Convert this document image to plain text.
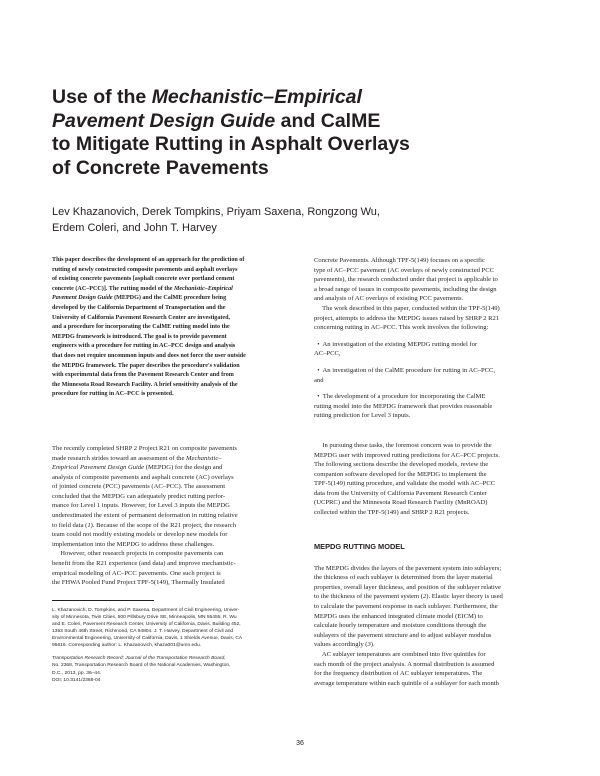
Use of the Mechanistic–Empirical
Pavement Design Guide and CalME
to Mitigate Rutting in Asphalt Overlays
of Concrete Pavements

Lev Khazanovich, Derek Tompkins, Priyam Saxena, Rongzong Wu,
Erdem Coleri, and John T. Harvey

This paper describes the development of an approach for the prediction of
rutting of newly constructed composite pavements and asphalt overlays
of existing concrete pavements [asphalt concrete over portland cement
concrete (AC–PCC)]. The rutting model of the Mechanistic–Empirical
Pavement Design Guide (MEPDG) and the CalME procedure being
developed by the California Department of Transportation and the
University of California Pavement Research Center are investigated,
and a procedure for incorporating the CalME rutting model into the
MEPDG framework is introduced. The goal is to provide pavement
engineers with a procedure for rutting in AC–PCC design and analysis
that does not require uncommon inputs and does not force the user outside
the MEPDG framework. The paper describes the procedure's validation
with experimental data from the Pavement Research Center and from
the Minnesota Road Research Facility. A brief sensitivity analysis of the
procedure for rutting in AC–PCC is presented.
The recently completed SHRP 2 Project R21 on composite pavements
made research strides toward an assessment of the Mechanistic–
Empirical Pavement Design Guide (MEPDG) for the design and
analysis of composite pavements and asphalt concrete (AC) overlays
of jointed concrete (PCC) pavements (AC–PCC). The assessment
concluded that the MEPDG can adequately predict rutting perfor-
mance for Level 1 inputs. However, for Level 3 inputs the MEPDG
underestimated the extent of permanent deformation in rutting relative
to field data (1). Because of the scope of the R21 project, the research
team could not modify existing models or develop new models for
implementation into the MEPDG to address these challenges.
However, other research projects in composite pavements can
benefit from the R21 experience (and data) and improve mechanistic-
empirical modeling of AC–PCC pavements. One such project is
the FHWA Pooled Fund Project TPF-5(149), Thermally Insulated
L. Khazanovich, D. Tompkins, and P. Saxena, Department of Civil Engineering, Univer-
sity of Minnesota, Twin Cities, 500 Pillsbury Drive SE, Minneapolis, MN 55455. R. Wu
and E. Coleri, Pavement Research Center, University of California, Davis, Building 452,
1353 South 46th Street, Richmond, CA 94804. J. T. Harvey, Department of Civil and
Environmental Engineering, University of California, Davis, 1 Shields Avenue, Davis, CA
95616. Corresponding author: L. Khazanovich, khaza001@umn.edu.
Transportation Research Record: Journal of the Transportation Research Board,
No. 2368, Transportation Research Board of the National Academies, Washington,
D.C., 2013, pp. 36–44.
DOI: 10.3141/2368-04
Concrete Pavements. Although TPF-5(149) focuses on a specific
type of AC–PCC pavement (AC overlays of newly constructed PCC
pavements), the research conducted under that project is applicable to
a broad range of issues in composite pavements, including the design
and analysis of AC overlays of existing PCC pavements.
The work described in this paper, conducted within the TPF-5(149)
project, attempts to address the MEPDG issues raised by SHRP 2 R21
concerning rutting in AC–PCC. This work involves the following:
•  An investigation of the existing MEPDG rutting model for
AC–PCC,
•  An investigation of the CalME procedure for rutting in AC–PCC,
and
•  The development of a procedure for incorporating the CalME
rutting model into the MEPDG framework that provides reasonable
rutting prediction for Level 3 inputs.
In pursuing these tasks, the foremost concern was to provide the
MEPDG user with improved rutting predictions for AC–PCC projects.
The following sections describe the developed models, review the
companion software developed for the MEPDG to implement the
TPF-5(149) rutting procedure, and validate the model with AC–PCC
data from the University of California Pavement Research Center
(UCPRC) and the Minnesota Road Research Facility (MnROAD)
collected within the TPF-5(149) and SHRP 2 R21 projects.
MEPDG RUTTING MODEL
The MEPDG divides the layers of the pavement system into sublayers;
the thickness of each sublayer is determined from the layer material
properties, overall layer thickness, and position of the sublayer relative
to the thickness of the pavement system (2). Elastic layer theory is used
to calculate the pavement response in each sublayer. Furthermore, the
MEPDG uses the enhanced integrated climate model (EICM) to
calculate hourly temperature and moisture conditions through the
sublayers of the pavement structure and to adjust sublayer modulus
values accordingly (3).
AC sublayer temperatures are combined into five quintiles for
each month of the project analysis. A normal distribution is assumed
for the frequency distribution of AC sublayer temperatures. The
average temperature within each quintile of a sublayer for each month
36
